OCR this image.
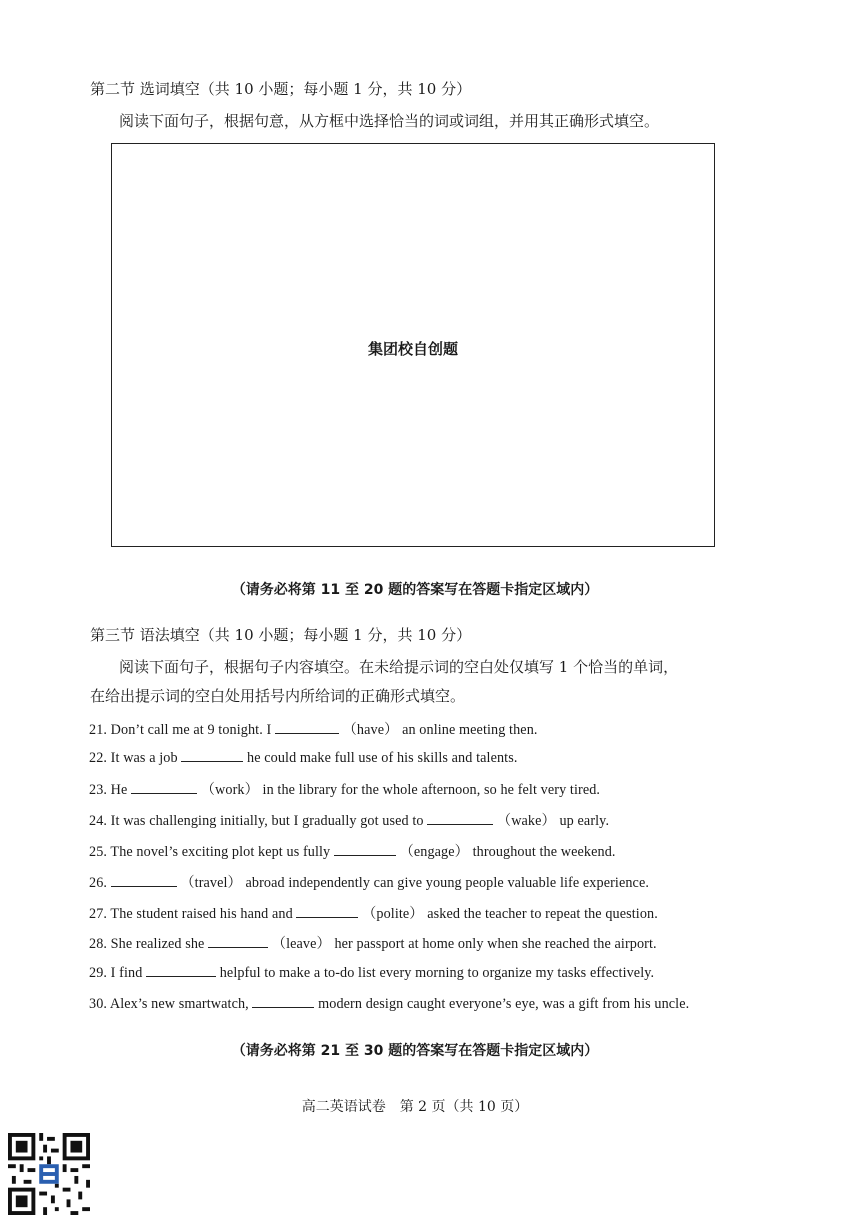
第二节 选词填空（共 10 小题；每小题 1 分，共 10 分）
阅读下面句子，根据句意，从方框中选择恰当的词或词组，并用其正确形式填空。
集团校自创题
（请务必将第 11 至 20 题的答案写在答题卡指定区域内）
第三节 语法填空（共 10 小题；每小题 1 分，共 10 分）
阅读下面句子，根据句子内容填空。在未给提示词的空白处仅填写 1 个恰当的单词，
在给出提示词的空白处用括号内所给词的正确形式填空。
21. Don’t call me at 9 tonight. I	（have） an online meeting then.
22. It was a job	he could make full use of his skills and talents.
23. He	（work） in the library for the whole afternoon, so he felt very tired.
24. It was challenging initially, but I gradually got used to	（wake） up early.
25. The novel’s exciting plot kept us fully	（engage） throughout the weekend.
26.	（travel） abroad independently can give young people valuable life experience.
27. The student raised his hand and	（polite） asked the teacher to repeat the question.
28. She realized she	（leave） her passport at home only when she reached the airport.
29. I find	helpful to make a to-do list every morning to organize my tasks effectively.
30. Alex’s new smartwatch,	modern design caught everyone’s eye, was a gift from his uncle.
（请务必将第 21 至 30 题的答案写在答题卡指定区域内）
高二英语试卷　第 2 页（共 10 页）
